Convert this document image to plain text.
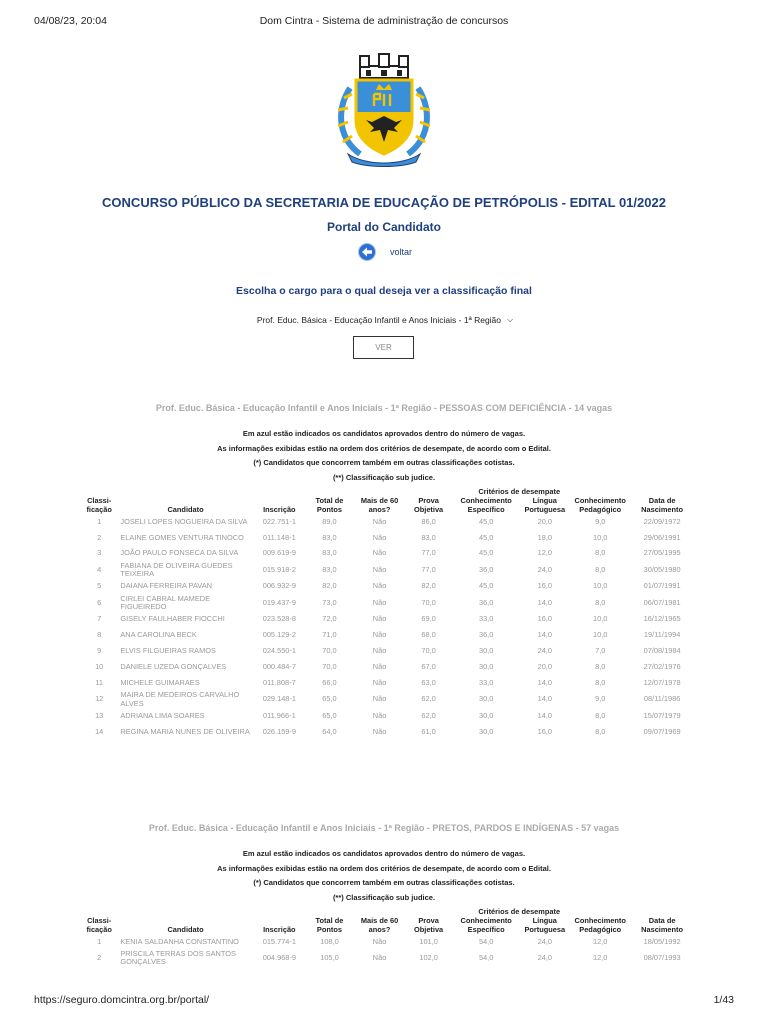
04/08/23, 20:04	Dom Cintra - Sistema de administração de concursos
CONCURSO PÚBLICO DA SECRETARIA DE EDUCAÇÃO DE PETRÓPOLIS - EDITAL 01/2022
Portal do Candidato
voltar
Escolha o cargo para o qual deseja ver a classificação final
Prof. Educ. Básica - Educação Infantil e Anos Iniciais - 1ª Região ⌵
VER
Prof. Educ. Básica - Educação Infantil e Anos Iniciais - 1ª Região - PESSOAS COM DEFICIÊNCIA - 14 vagas
Em azul estão indicados os candidatos aprovados dentro do número de vagas.
As informações exibidas estão na ordem dos critérios de desempate, de acordo com o Edital.
(*) Candidatos que concorrem também em outras classificações cotistas.
(**) Classificação sub judice.
					Critérios de desempate				
Classi-ficação	Candidato	Inscrição	Total de Pontos	Mais de 60 anos?	Prova Objetiva	Conhecimento Específico	Língua Portuguesa	Conhecimento Pedagógico	Data de Nascimento
1	JOSELI LOPES NOGUEIRA DA SILVA	022.751-1	89,0	Não	86,0	45,0	20,0	9,0	22/09/1972
2	ELAINE GOMES VENTURA TINOCO	011.148-1	83,0	Não	83,0	45,0	18,0	10,0	29/06/1991
3	JOÃO PAULO FONSECA DA SILVA	009.619-9	83,0	Não	77,0	45,0	12,0	8,0	27/05/1995
4	FABIANA DE OLIVEIRA GUEDES TEIXEIRA	015.918-2	83,0	Não	77,0	36,0	24,0	8,0	30/05/1980
5	DAIANA FERREIRA PAVAN	006.932-9	82,0	Não	82,0	45,0	16,0	10,0	01/07/1991
6	CIRLEI CABRAL MAMEDE FIGUEIREDO	019.437-9	73,0	Não	70,0	36,0	14,0	8,0	06/07/1981
7	GISELY FAULHABER FIOCCHI	023.528-8	72,0	Não	69,0	33,0	16,0	10,0	16/12/1965
8	ANA CAROLINA BECK	005.129-2	71,0	Não	68,0	36,0	14,0	10,0	19/11/1994
9	ELVIS FILGUEIRAS RAMOS	024.550-1	70,0	Não	70,0	30,0	24,0	7,0	07/08/1984
10	DANIELE UZEDA GONÇALVES	000.484-7	70,0	Não	67,0	30,0	20,0	8,0	27/02/1976
11	MICHELE GUIMARAES	011.808-7	66,0	Não	63,0	33,0	14,0	8,0	12/07/1978
12	MAIRA DE MEDEIROS CARVALHO ALVES	029.148-1	65,0	Não	62,0	30,0	14,0	9,0	08/11/1986
13	ADRIANA LIMA SOARES	011.966-1	65,0	Não	62,0	30,0	14,0	8,0	15/07/1979
14	REGINA MARIA NUNES DE OLIVEIRA	026.159-9	64,0	Não	61,0	30,0	16,0	8,0	09/07/1969
Prof. Educ. Básica - Educação Infantil e Anos Iniciais - 1ª Região - PRETOS, PARDOS E INDÍGENAS - 57 vagas
Em azul estão indicados os candidatos aprovados dentro do número de vagas.
As informações exibidas estão na ordem dos critérios de desempate, de acordo com o Edital.
(*) Candidatos que concorrem também em outras classificações cotistas.
(**) Classificação sub judice.
					Critérios de desempate				
Classi-ficação	Candidato	Inscrição	Total de Pontos	Mais de 60 anos?	Prova Objetiva	Conhecimento Específico	Língua Portuguesa	Conhecimento Pedagógico	Data de Nascimento
1	KENIA SALDANHA CONSTANTINO	015.774-1	108,0	Não	101,0	54,0	24,0	12,0	18/05/1992
2	PRISCILA TERRAS DOS SANTOS GONÇALVES	004.968-9	105,0	Não	102,0	54,0	24,0	12,0	08/07/1993
https://seguro.domcintra.org.br/portal/	1/43
